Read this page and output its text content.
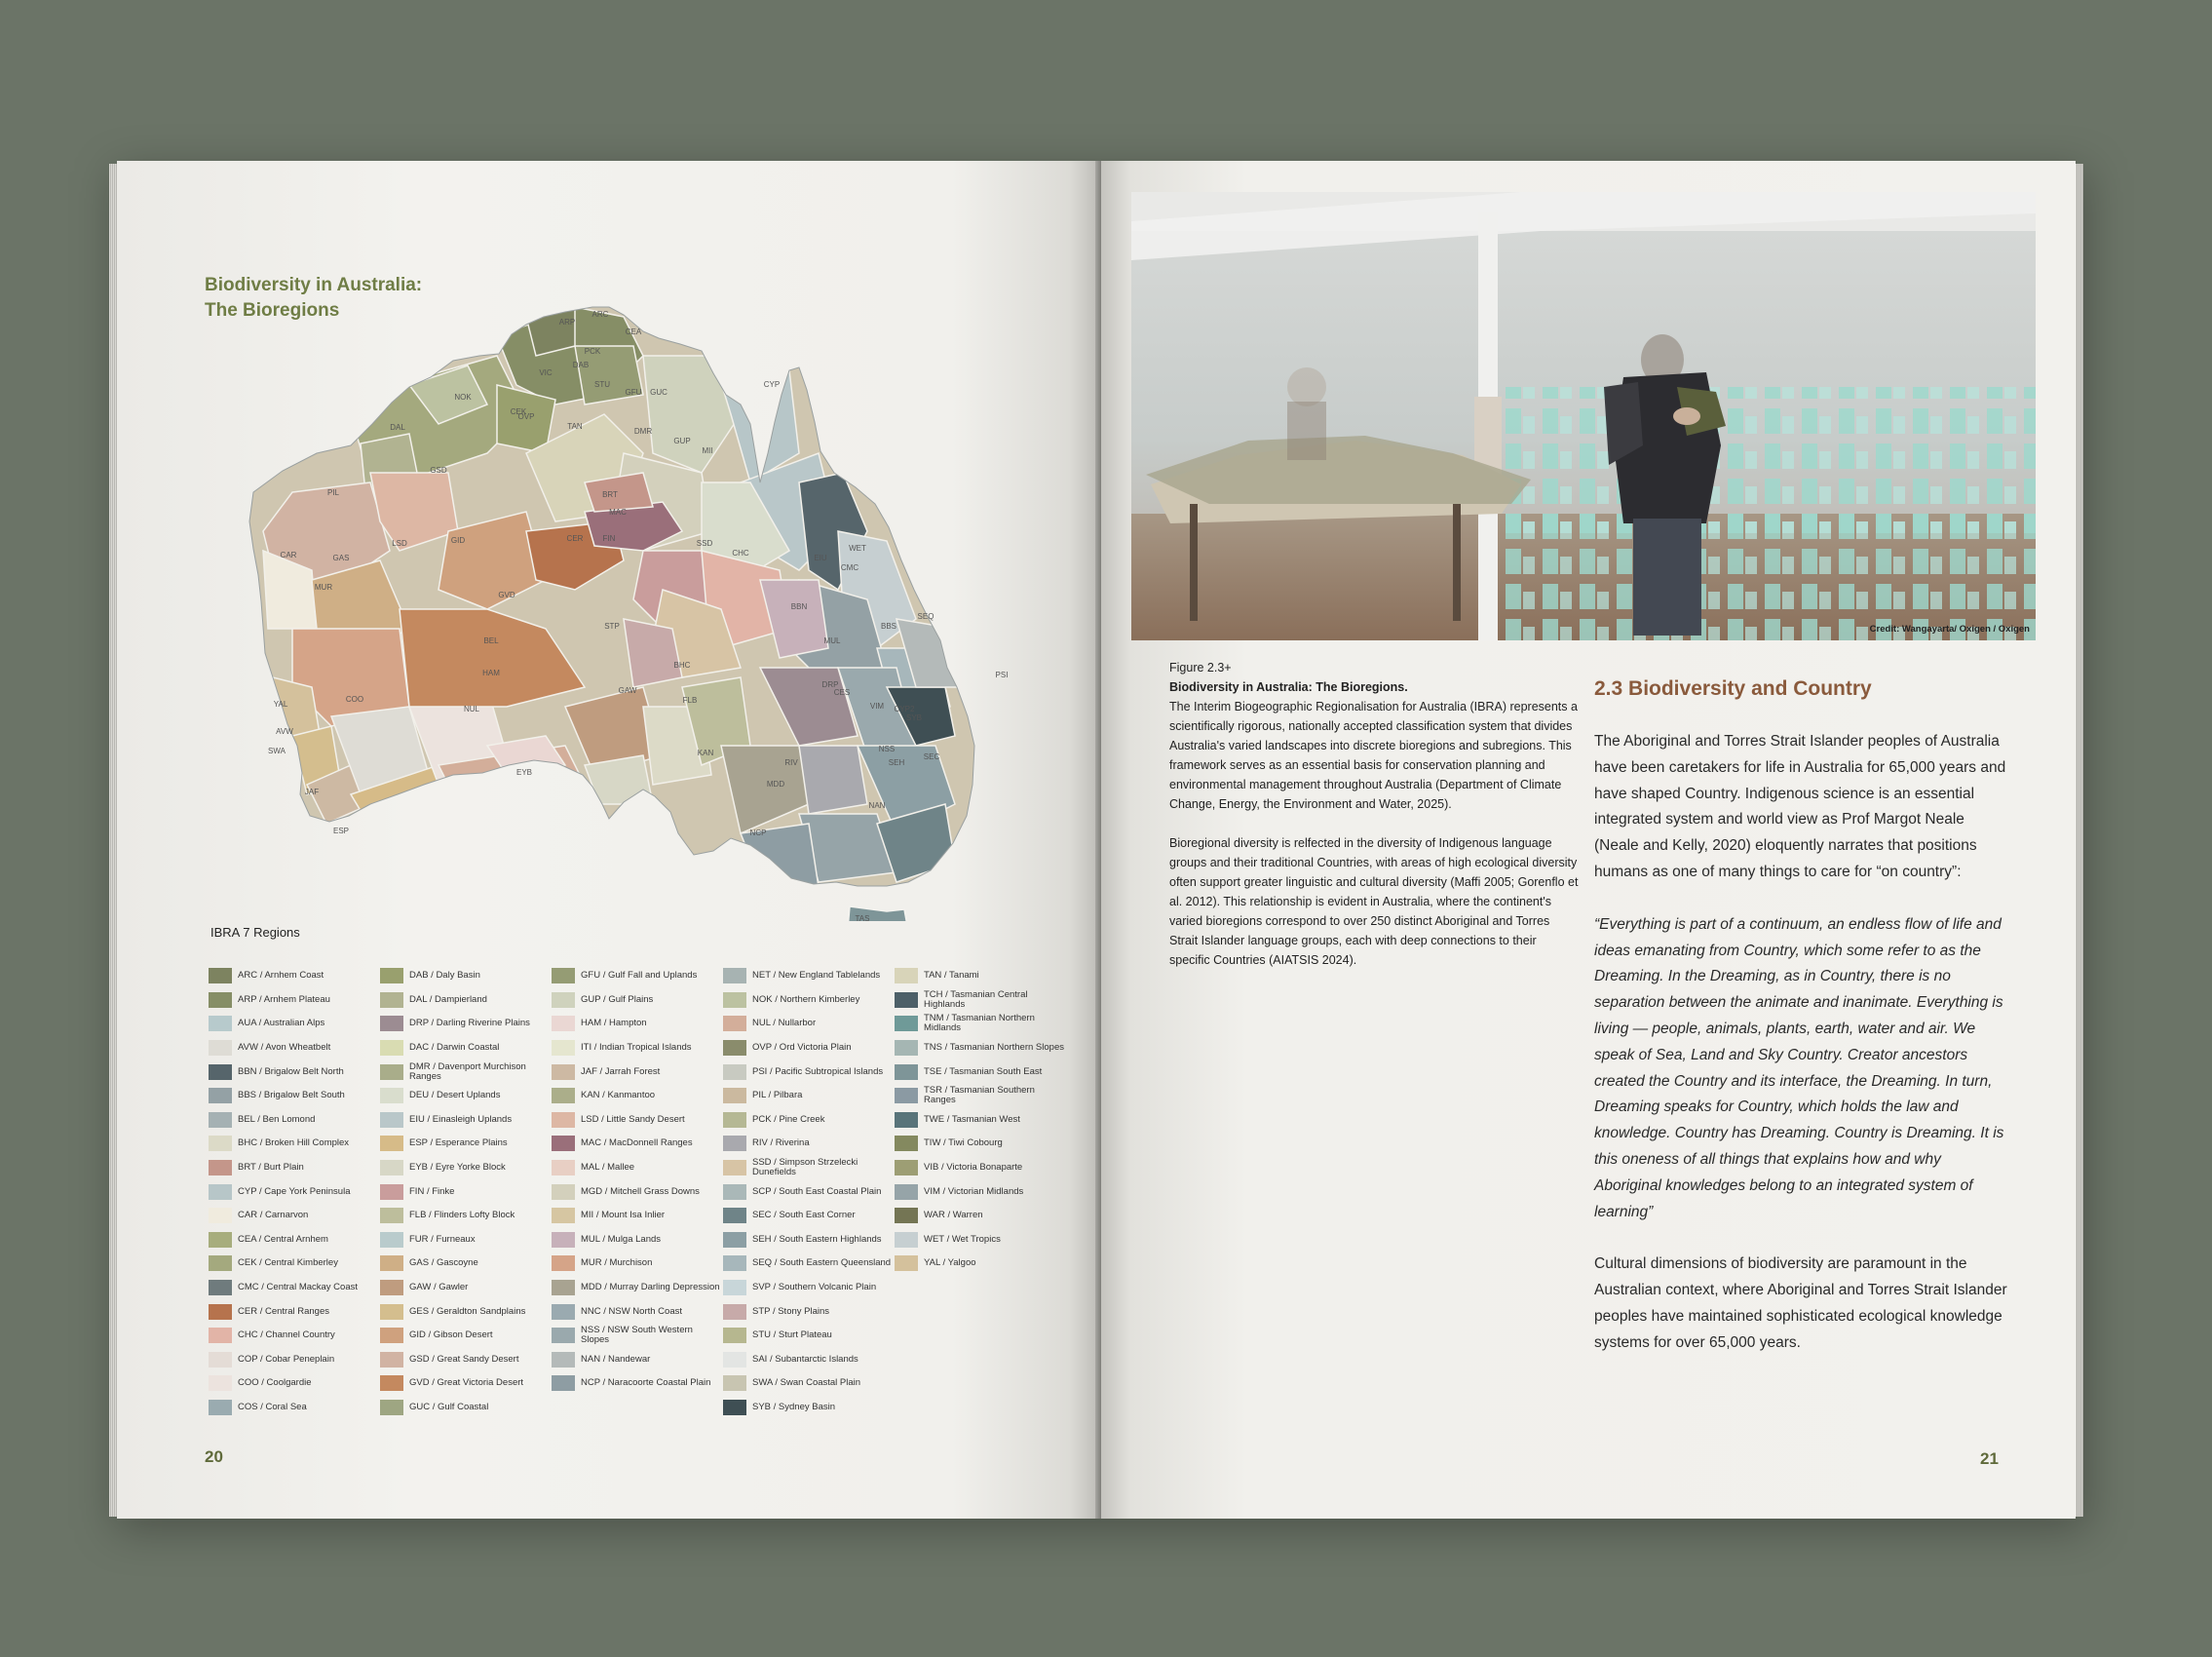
Biodiversity in Australia:
The Bioregions
ARP
ARC
CEA
PCK
DAB
CEK
NOK
VIC
STU
GFU GUC
GUP
CYP
DAL	TAN
DMR
OVP
WET
EIU
MII
BRT
MAC
FIN
SSD
CHC
CER
GSD
LSD	GID
PIL
CAR	GAS
MUR
YAL
GVD
BEL
HAM
COO
AVW
SWA
JAF
ESP
NUL
EYB
GAW
STP
BHC
FLB
RIV
MDD
NCP
VIM
SEH
NSS
SYB
SEC
NAN
DRP
MUL
KAN
CMC
BBS
SEQ
BBN
CYP2
TAS
CES
PSI
IBRA 7 Regions
ARC / Arnhem Coast
ARP / Arnhem Plateau
AUA / Australian Alps
AVW / Avon Wheatbelt
BBN / Brigalow Belt North
BBS / Brigalow Belt South
BEL / Ben Lomond
BHC / Broken Hill Complex
BRT / Burt Plain
CYP / Cape York Peninsula
CAR / Carnarvon
CEA / Central Arnhem
CEK / Central Kimberley
CMC / Central Mackay Coast
CER / Central Ranges
CHC / Channel Country
COP / Cobar Peneplain
COO / Coolgardie
COS / Coral Sea
DAB / Daly Basin
DAL / Dampierland
DRP / Darling Riverine Plains
DAC / Darwin Coastal
DMR / Davenport Murchison Ranges
DEU / Desert Uplands
EIU / Einasleigh Uplands
ESP / Esperance Plains
EYB / Eyre Yorke Block
FIN / Finke
FLB / Flinders Lofty Block
FUR / Furneaux
GAS / Gascoyne
GAW / Gawler
GES / Geraldton Sandplains
GID / Gibson Desert
GSD / Great Sandy Desert
GVD / Great Victoria Desert
GUC / Gulf Coastal
GFU / Gulf Fall and Uplands
GUP / Gulf Plains
HAM / Hampton
ITI / Indian Tropical Islands
JAF / Jarrah Forest
KAN / Kanmantoo
LSD / Little Sandy Desert
MAC / MacDonnell Ranges
MAL / Mallee
MGD / Mitchell Grass Downs
MII / Mount Isa Inlier
MUL / Mulga Lands
MUR / Murchison
MDD / Murray Darling Depression
NNC / NSW North Coast
NSS / NSW South Western Slopes
NAN / Nandewar
NCP / Naracoorte Coastal Plain
NET / New England Tablelands
NOK / Northern Kimberley
NUL / Nullarbor
OVP / Ord Victoria Plain
PSI / Pacific Subtropical Islands
PIL / Pilbara
PCK / Pine Creek
RIV / Riverina
SSD / Simpson Strzelecki Dunefields
SCP / South East Coastal Plain
SEC / South East Corner
SEH / South Eastern Highlands
SEQ / South Eastern Queensland
SVP / Southern Volcanic Plain
STP / Stony Plains
STU / Sturt Plateau
SAI / Subantarctic Islands
SWA / Swan Coastal Plain
SYB / Sydney Basin
TAN / Tanami
TCH / Tasmanian Central Highlands
TNM / Tasmanian Northern Midlands
TNS / Tasmanian Northern Slopes
TSE / Tasmanian South East
TSR / Tasmanian Southern Ranges
TWE / Tasmanian West
TIW / Tiwi Cobourg
VIB / Victoria Bonaparte
VIM / Victorian Midlands
WAR / Warren
WET / Wet Tropics
YAL / Yalgoo
20
Credit: Wangayarta/ Oxigen / Oxigen

Figure 2.3+
Biodiversity in Australia: The Bioregions.
The Interim Biogeographic Regionalisation for Australia (IBRA) represents a scientifically rigorous, nationally accepted classification system that divides Australia's varied landscapes into discrete bioregions and subregions. This framework serves as an essential basis for conservation planning and environmental management throughout Australia (Department of Climate Change, Energy, the Environment and Water, 2025).

Bioregional diversity is relfected in the diversity of Indigenous language groups and their traditional Countries, with areas of high ecological diversity often support greater linguistic and cultural diversity (Maffi 2005; Gorenflo et al. 2012). This relationship is evident in Australia, where the continent's varied bioregions correspond to over 250 distinct Aboriginal and Torres Strait Islander language groups, each with deep connections to their specific Countries (AIATSIS 2024).

2.3 Biodiversity and Country

The Aboriginal and Torres Strait Islander peoples of Australia have been caretakers for life in Australia for 65,000 years and have shaped Country. Indigenous science is an essential integrated system and world view as Prof Margot Neale (Neale and Kelly, 2020) eloquently narrates that positions humans as one of many things to care for “on country”:

“Everything is part of a continuum, an endless flow of life and ideas emanating from Country, which some refer to as the Dreaming. In the Dreaming, as in Country, there is no separation between the animate and inanimate. Everything is living — people, animals, plants, earth, water and air. We speak of Sea, Land and Sky Country. Creator ancestors created the Country and its interface, the Dreaming. In turn, Dreaming speaks for Country, which holds the law and knowledge. Country has Dreaming. Country is Dreaming. It is this oneness of all things that explains how and why Aboriginal knowledges belong to an integrated system of learning”

Cultural dimensions of biodiversity are paramount in the Australian context, where Aboriginal and Torres Strait Islander peoples have maintained sophisticated ecological knowledge systems for over 65,000 years.

21
